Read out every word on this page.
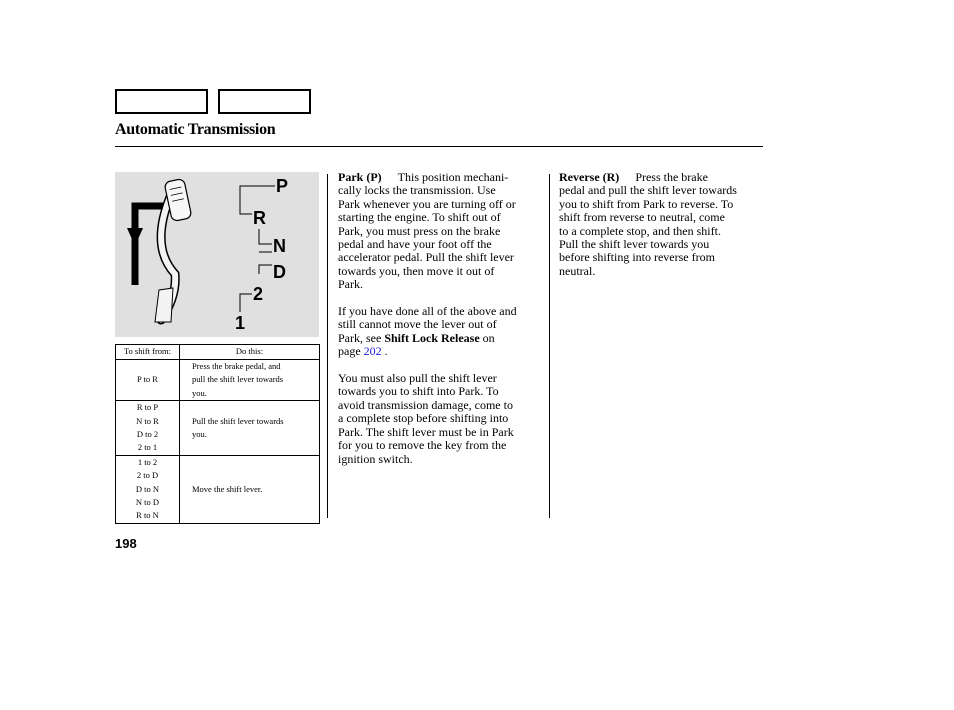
Automatic Transmission
P
R
N
D
2
1
To shift from:	Do this:

P to R	Press the brake pedal, and
pull the shift lever towards
you.

R to P
N to R
D to 2
2 to 1	Pull the shift lever towards
you.

1 to 2
2 to D
D to N
N to D
R to N	Move the shift lever.

Park (P) This position mechani-
cally locks the transmission. Use
Park whenever you are turning off or
starting the engine. To shift out of
Park, you must press on the brake
pedal and have your foot off the
accelerator pedal. Pull the shift lever
towards you, then move it out of
Park.

If you have done all of the above and
still cannot move the lever out of
Park, see Shift Lock Release on
page 202 .

You must also pull the shift lever
towards you to shift into Park. To
avoid transmission damage, come to
a complete stop before shifting into
Park. The shift lever must be in Park
for you to remove the key from the
ignition switch.

Reverse (R) Press the brake
pedal and pull the shift lever towards
you to shift from Park to reverse. To
shift from reverse to neutral, come
to a complete stop, and then shift.
Pull the shift lever towards you
before shifting into reverse from
neutral.

198
